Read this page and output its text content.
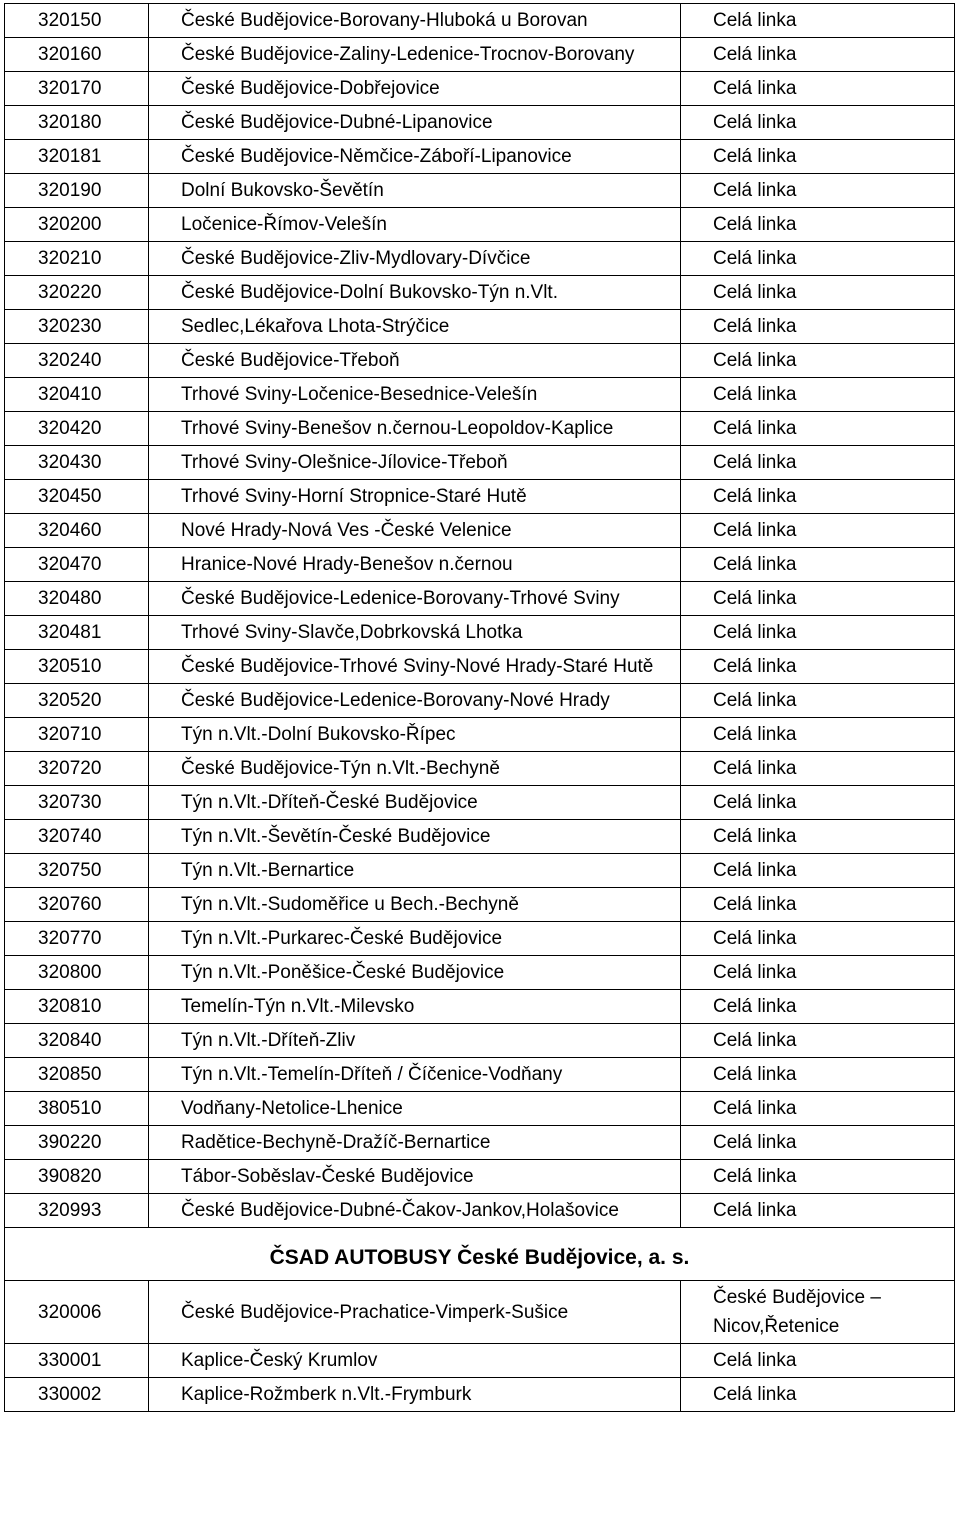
320150	České Budějovice-Borovany-Hluboká u Borovan	Celá linka
320160	České Budějovice-Zaliny-Ledenice-Trocnov-Borovany	Celá linka
320170	České Budějovice-Dobřejovice	Celá linka
320180	České Budějovice-Dubné-Lipanovice	Celá linka
320181	České Budějovice-Němčice-Záboří-Lipanovice	Celá linka
320190	Dolní Bukovsko-Ševětín	Celá linka
320200	Ločenice-Římov-Velešín	Celá linka
320210	České Budějovice-Zliv-Mydlovary-Dívčice	Celá linka
320220	České Budějovice-Dolní Bukovsko-Týn n.Vlt.	Celá linka
320230	Sedlec,Lékařova Lhota-Strýčice	Celá linka
320240	České Budějovice-Třeboň	Celá linka
320410	Trhové Sviny-Ločenice-Besednice-Velešín	Celá linka
320420	Trhové Sviny-Benešov n.černou-Leopoldov-Kaplice	Celá linka
320430	Trhové Sviny-Olešnice-Jílovice-Třeboň	Celá linka
320450	Trhové Sviny-Horní Stropnice-Staré Hutě	Celá linka
320460	Nové Hrady-Nová Ves -České Velenice	Celá linka
320470	Hranice-Nové Hrady-Benešov n.černou	Celá linka
320480	České Budějovice-Ledenice-Borovany-Trhové Sviny	Celá linka
320481	Trhové Sviny-Slavče,Dobrkovská Lhotka	Celá linka
320510	České Budějovice-Trhové Sviny-Nové Hrady-Staré Hutě	Celá linka
320520	České Budějovice-Ledenice-Borovany-Nové Hrady	Celá linka
320710	Týn n.Vlt.-Dolní Bukovsko-Řípec	Celá linka
320720	České Budějovice-Týn n.Vlt.-Bechyně	Celá linka
320730	Týn n.Vlt.-Dříteň-České Budějovice	Celá linka
320740	Týn n.Vlt.-Ševětín-České Budějovice	Celá linka
320750	Týn n.Vlt.-Bernartice	Celá linka
320760	Týn n.Vlt.-Sudoměřice u Bech.-Bechyně	Celá linka
320770	Týn n.Vlt.-Purkarec-České Budějovice	Celá linka
320800	Týn n.Vlt.-Poněšice-České Budějovice	Celá linka
320810	Temelín-Týn n.Vlt.-Milevsko	Celá linka
320840	Týn n.Vlt.-Dříteň-Zliv	Celá linka
320850	Týn n.Vlt.-Temelín-Dříteň / Číčenice-Vodňany	Celá linka
380510	Vodňany-Netolice-Lhenice	Celá linka
390220	Radětice-Bechyně-Dražíč-Bernartice	Celá linka
390820	Tábor-Soběslav-České Budějovice	Celá linka
320993	České Budějovice-Dubné-Čakov-Jankov,Holašovice	Celá linka
ČSAD AUTOBUSY České Budějovice, a. s.		
320006	České Budějovice-Prachatice-Vimperk-Sušice	České Budějovice – Nicov,Řetenice
330001	Kaplice-Český Krumlov	Celá linka
330002	Kaplice-Rožmberk n.Vlt.-Frymburk	Celá linka
